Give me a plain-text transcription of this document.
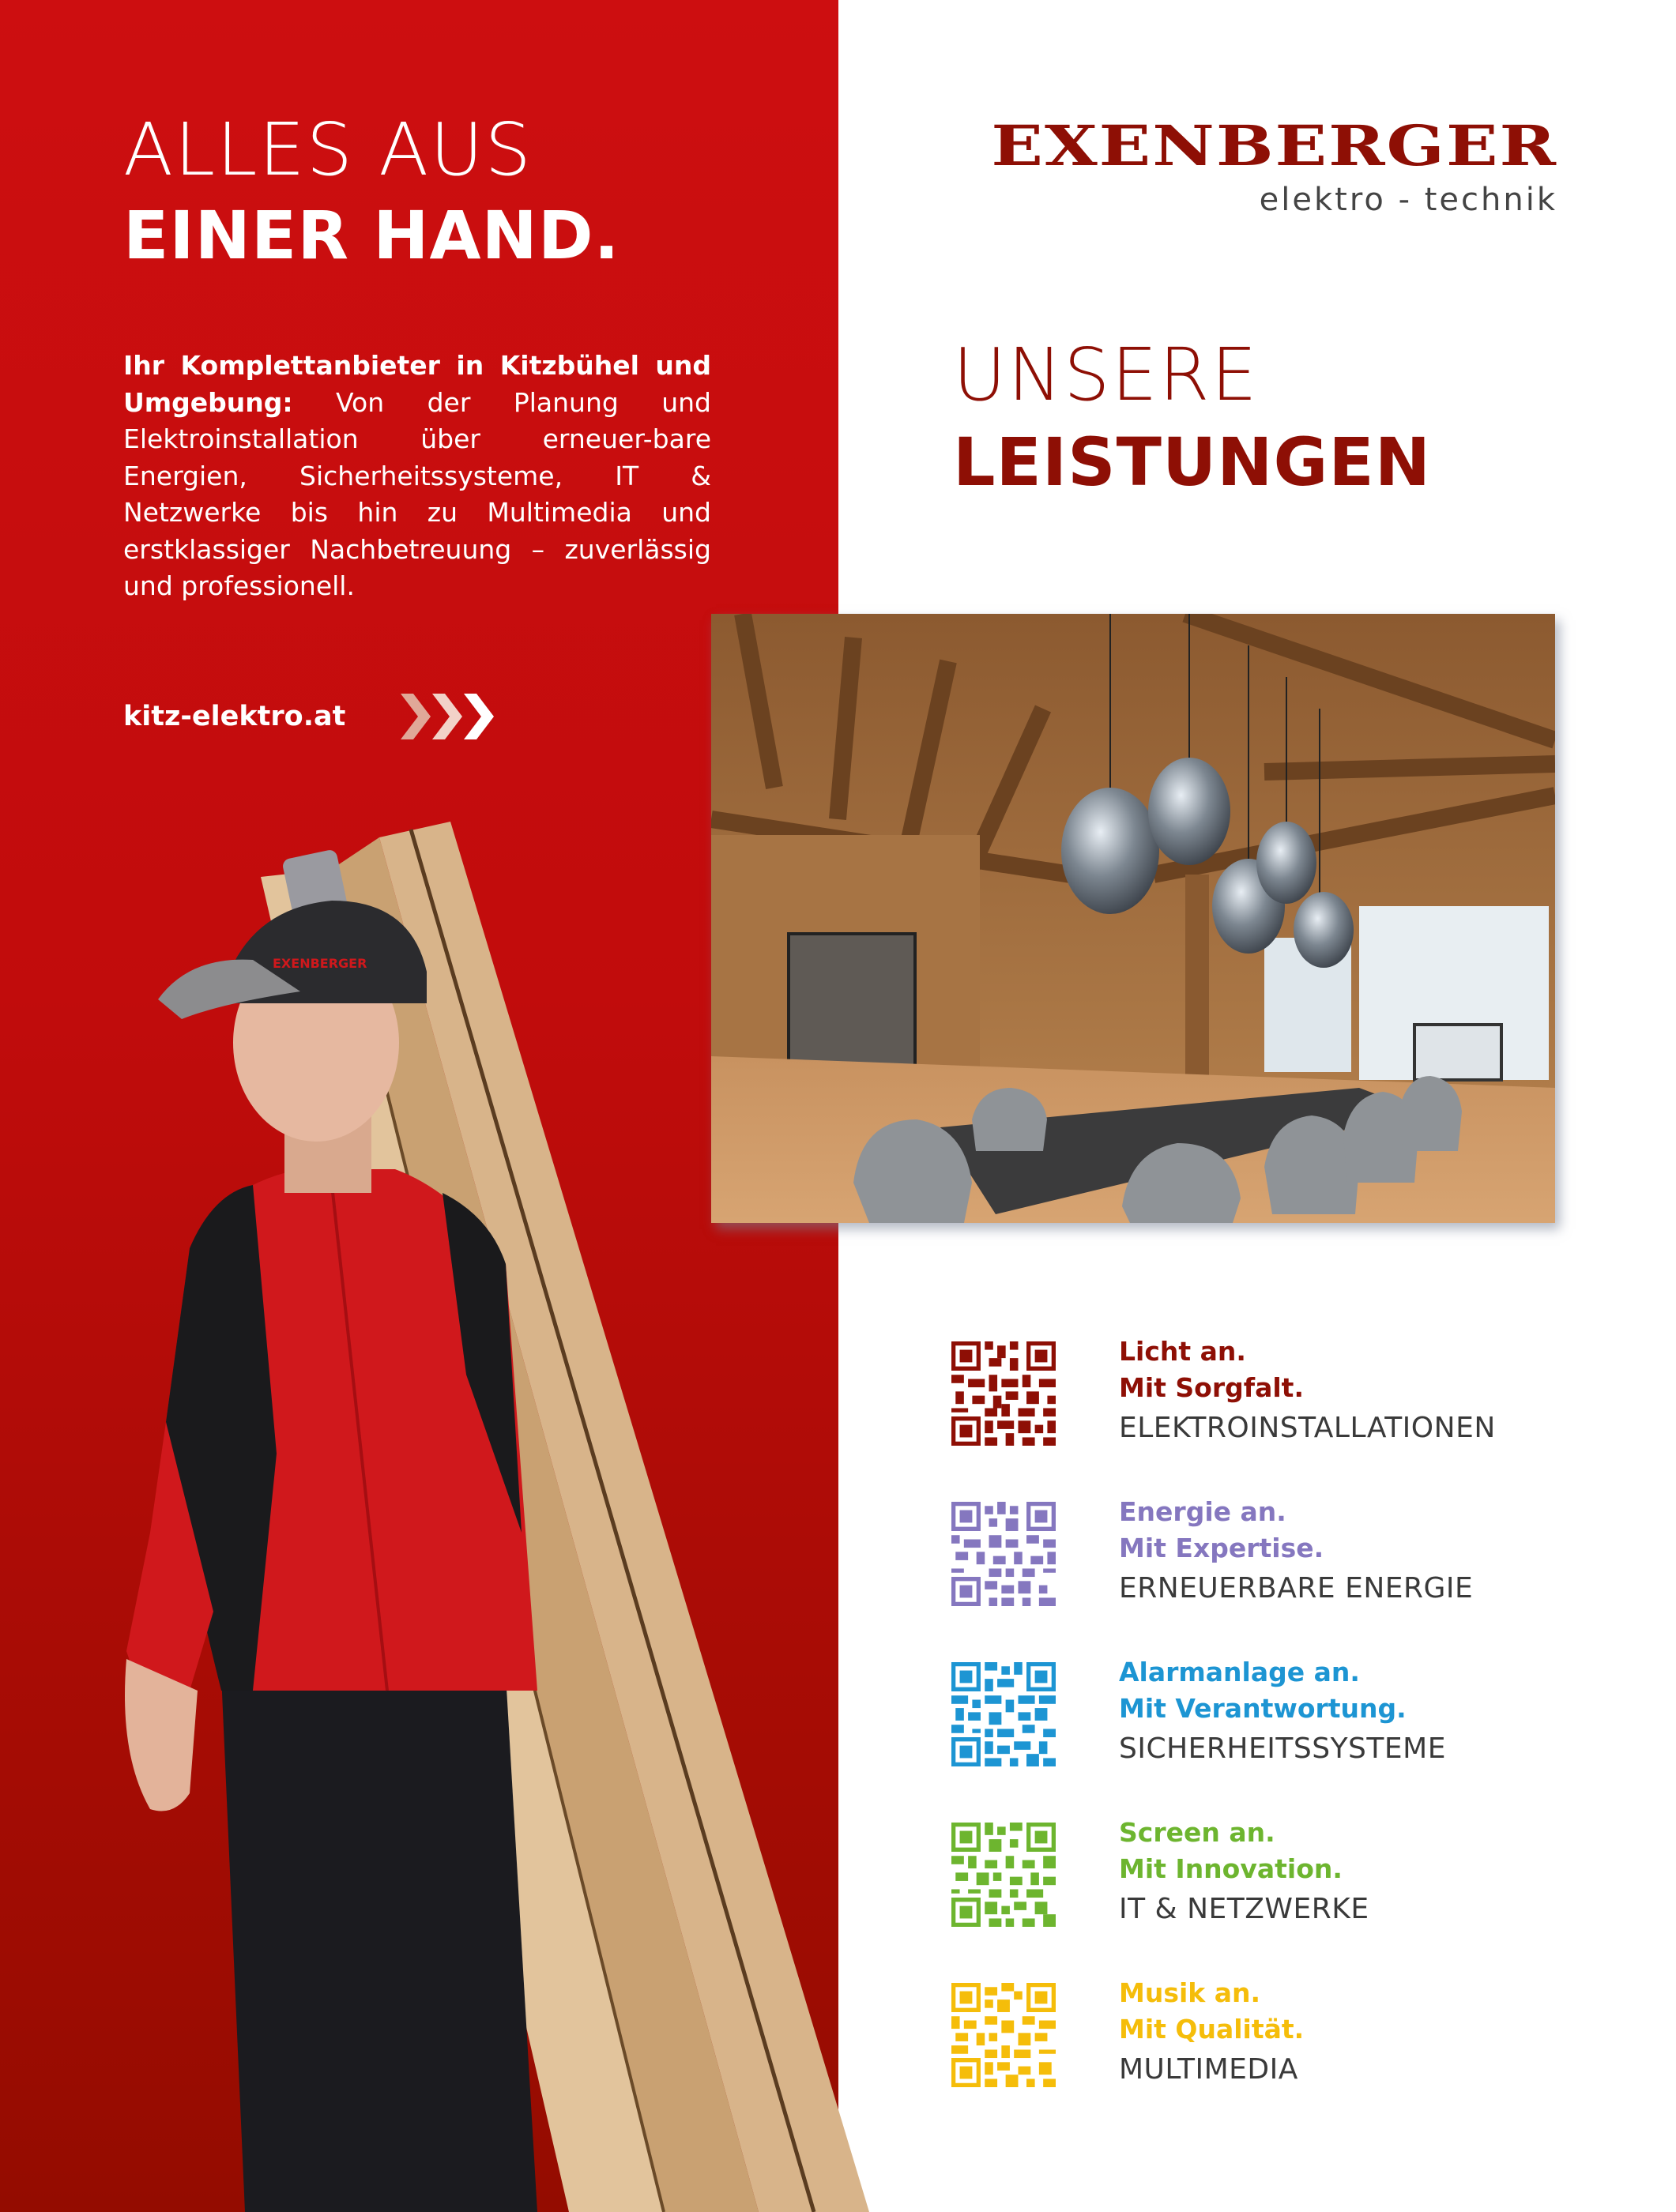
ALLES AUS
EINER HAND.
Ihr Komplettanbieter in Kitzbühel und Umgebung: Von der Planung und Elektroinstallation über erneuer-bare Energien, Sicherheitssysteme, IT & Netzwerke bis hin zu Multimedia und erstklassiger Nachbetreuung – zuverlässig und professionell.
kitz-elektro.at
EXENBERGER
EXENBERGER
elektro - technik
UNSERE
LEISTUNGEN
Licht an.
Mit Sorgfalt.
ELEKTROINSTALLATIONEN
Energie an.
Mit Expertise.
ERNEUERBARE ENERGIE
Alarmanlage an.
Mit Verantwortung.
SICHERHEITSSYSTEME
Screen an.
Mit Innovation.
IT & NETZWERKE
Musik an.
Mit Qualität.
MULTIMEDIA
